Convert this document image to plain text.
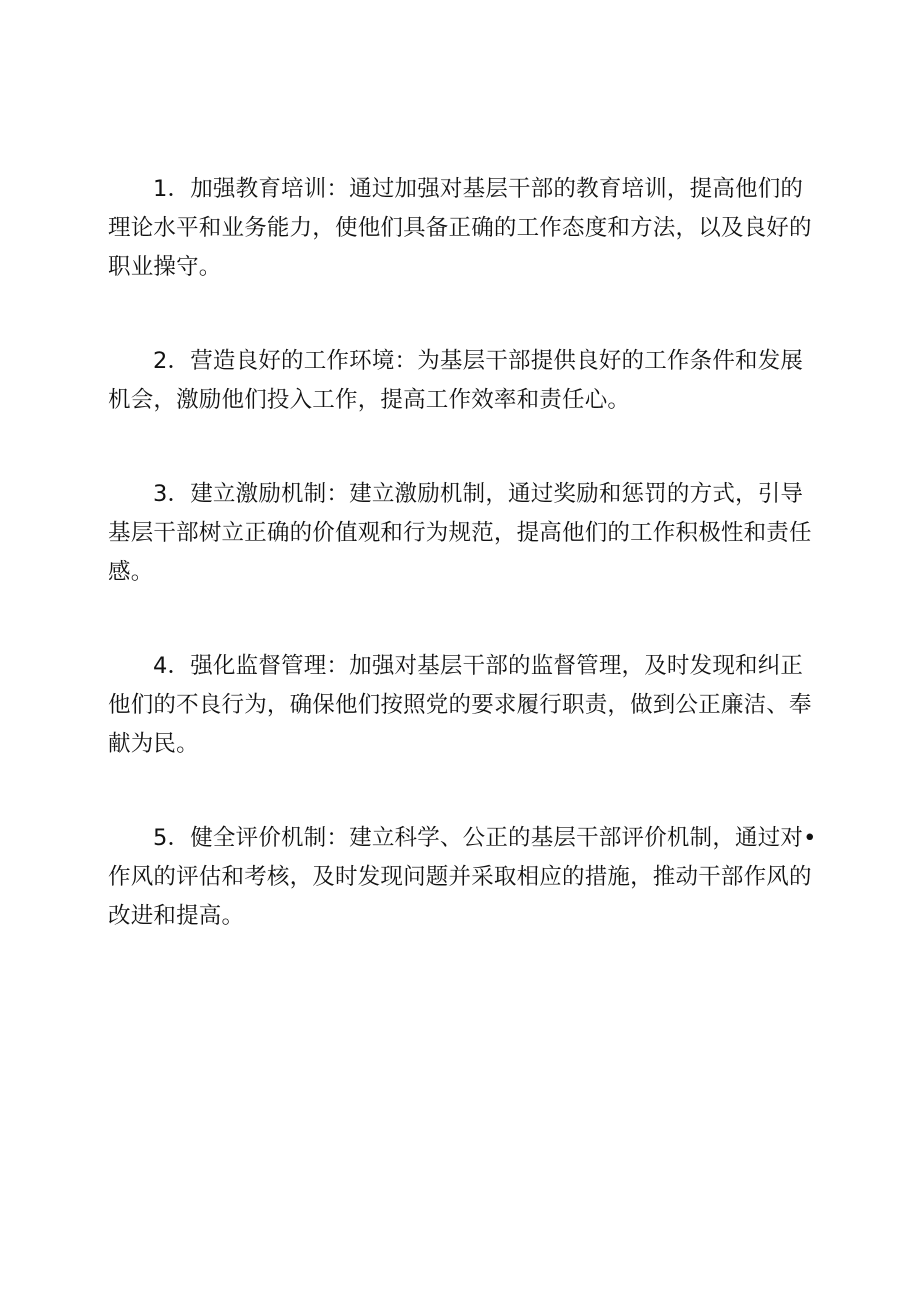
1．加强教育培训：通过加强对基层干部的教育培训，提高他们的理论水平和业务能力，使他们具备正确的工作态度和方法，以及良好的职业操守。

2．营造良好的工作环境：为基层干部提供良好的工作条件和发展机会，激励他们投入工作，提高工作效率和责任心。

3．建立激励机制：建立激励机制，通过奖励和惩罚的方式，引导基层干部树立正确的价值观和行为规范，提高他们的工作积极性和责任感。

4．强化监督管理：加强对基层干部的监督管理，及时发现和纠正他们的不良行为，确保他们按照党的要求履行职责，做到公正廉洁、奉献为民。

5．健全评价机制：建立科学、公正的基层干部评价机制，通过对•作风的评估和考核，及时发现问题并采取相应的措施，推动干部作风的改进和提高。
